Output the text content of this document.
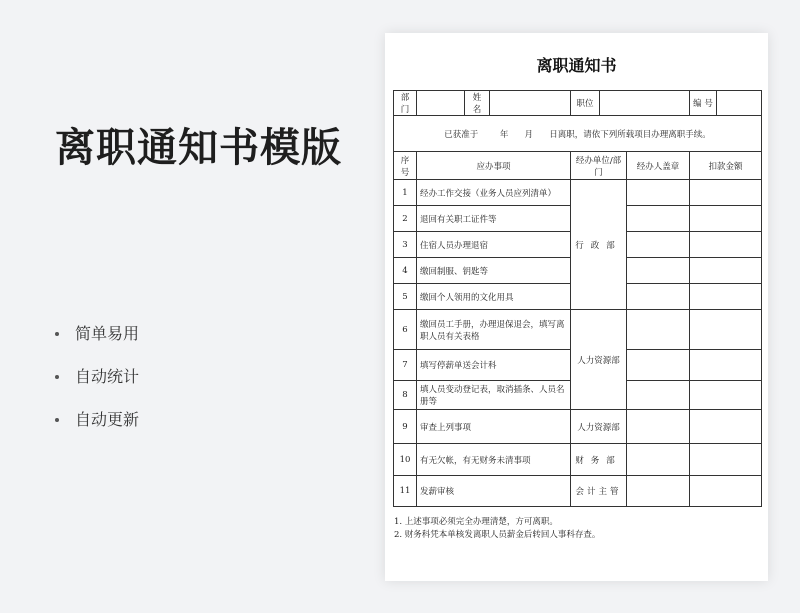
离职通知书模版
简单易用
自动统计
自动更新
离职通知书
部门		姓 名		职位			编 号	
已获准于        年      月      日离职，请依下列所载项目办理离职手续。								
序号	应办事项			经办单位/部门		经办人盖章	扣款金额	
1	经办工作交接（业务人员应列清单）			行政部				
2	退回有关职工证件等							
3	住宿人员办理退宿							
4	缴回制服、钥匙等							
5	缴回个人领用的文化用具							
6	缴回员工手册，办理退保退会，填写离职人员有关表格			人力资源部				
7	填写停薪单送会计科							
8	填人员变动登记表，取消插条、人员名册等							
9	审查上列事项			人力资源部				
10	有无欠帐，有无财务未清事项			财务部				
11	发薪审核			会计主管				
1. 上述事项必须完全办理清楚，方可离职。
2. 财务科凭本单核发离职人员薪金后转回人事科存查。
